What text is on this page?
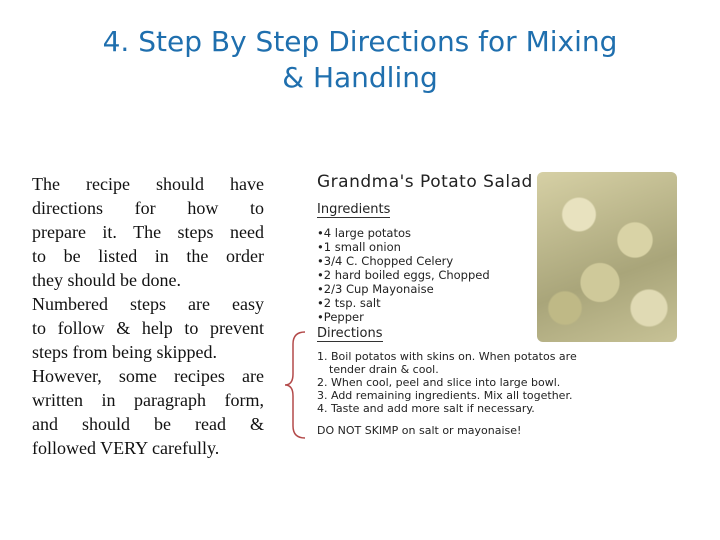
4. Step By Step Directions for Mixing
& Handling

The recipe should have
directions for how to
prepare it. The steps need
to be listed in the order
they should be done.
Numbered steps are easy
to follow & help to prevent
steps from being skipped.
However, some recipes are
written in paragraph form,
and should be read &
followed VERY carefully.

Grandma's Potato Salad
Ingredients
• 4 large potatos
• 1 small onion
• 3/4 C. Chopped Celery
• 2 hard boiled eggs, Chopped
• 2/3 Cup Mayonaise
• 2 tsp. salt
• Pepper
Directions
1. Boil potatos with skins on. When potatos are
tender drain & cool.
2. When cool, peel and slice into large bowl.
3. Add remaining ingredients. Mix all together.
4. Taste and add more salt if necessary.
DO NOT SKIMP on salt or mayonaise!
